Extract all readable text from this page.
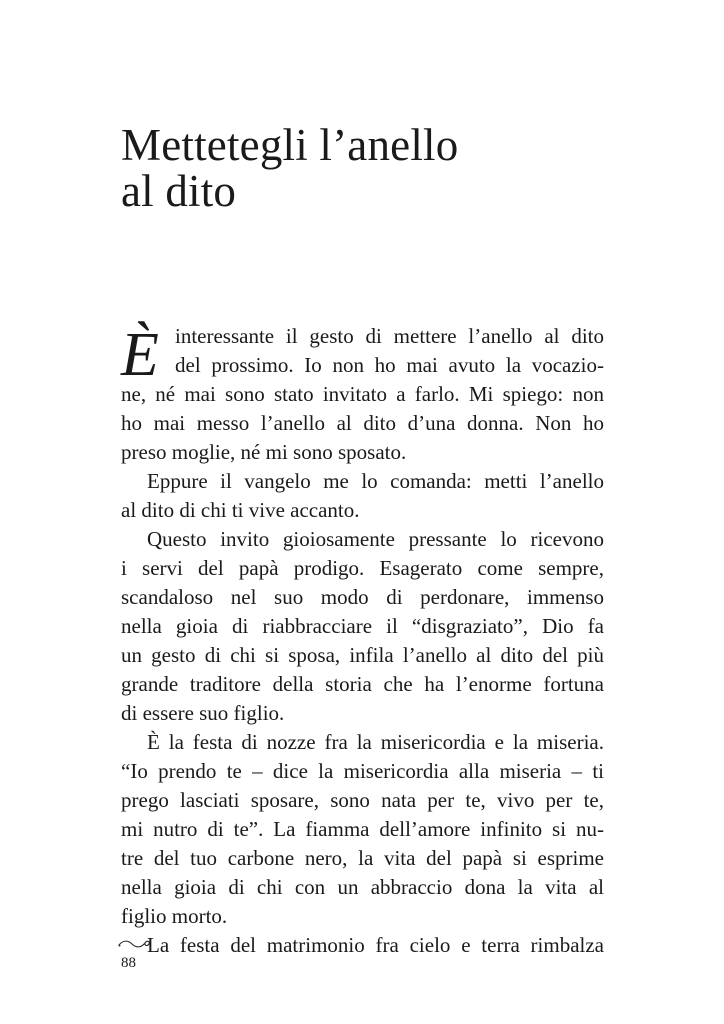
Mettetegli l’anello
al dito
È interessante il gesto di mettere l’anello al dito
del prossimo. Io non ho mai avuto la vocazio-
ne, né mai sono stato invitato a farlo. Mi spiego: non
ho mai messo l’anello al dito d’una donna. Non ho
preso moglie, né mi sono sposato.
Eppure il vangelo me lo comanda: metti l’anello
al dito di chi ti vive accanto.
Questo invito gioiosamente pressante lo ricevono
i servi del papà prodigo. Esagerato come sempre,
scandaloso nel suo modo di perdonare, immenso
nella gioia di riabbracciare il “disgraziato”, Dio fa
un gesto di chi si sposa, infila l’anello al dito del più
grande traditore della storia che ha l’enorme fortuna
di essere suo figlio.
È la festa di nozze fra la misericordia e la miseria.
“Io prendo te – dice la misericordia alla miseria – ti
prego lasciati sposare, sono nata per te, vivo per te,
mi nutro di te”. La fiamma dell’amore infinito si nu-
tre del tuo carbone nero, la vita del papà si esprime
nella gioia di chi con un abbraccio dona la vita al
figlio morto.
La festa del matrimonio fra cielo e terra rimbalza
88
